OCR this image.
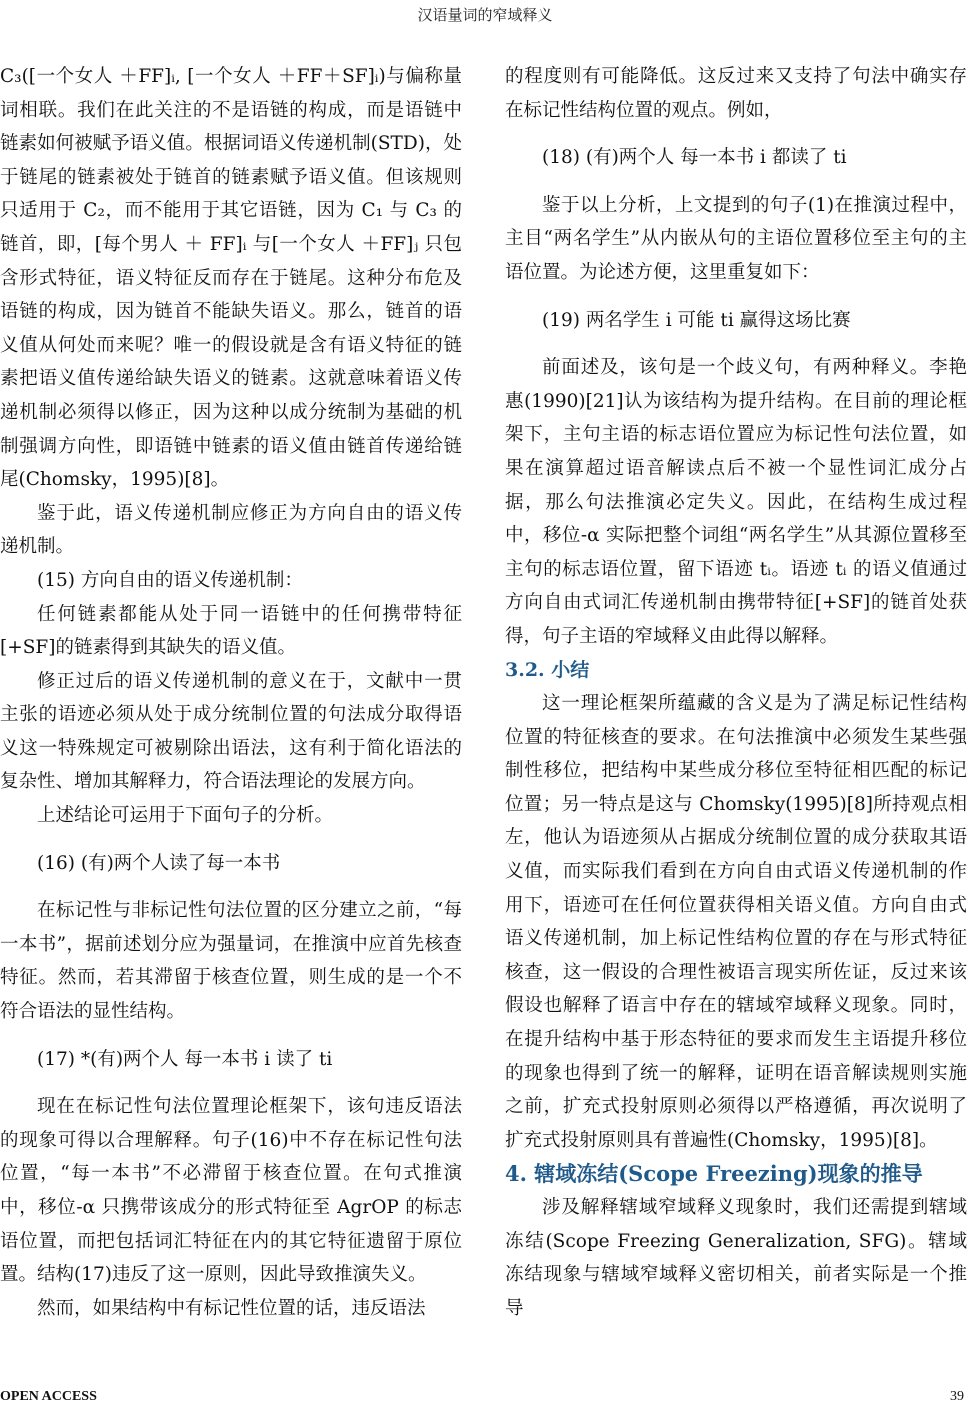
汉语量词的窄域释义

C₃([一个女人 ＋FF]ᵢ, [一个女人 ＋FF＋SF]ᵢ)与偏称量词相联。我们在此关注的不是语链的构成，而是语链中链素如何被赋予语义值。根据词语义传递机制(STD)，处于链尾的链素被处于链首的链素赋予语义值。但该规则只适用于 C₂，而不能用于其它语链，因为 C₁ 与 C₃ 的链首，即，[每个男人 ＋ FF]ᵢ 与[一个女人 ＋FF]ⱼ 只包含形式特征，语义特征反而存在于链尾。这种分布危及语链的构成，因为链首不能缺失语义。那么，链首的语义值从何处而来呢？唯一的假设就是含有语义特征的链素把语义值传递给缺失语义的链素。这就意味着语义传递机制必须得以修正，因为这种以成分统制为基础的机制强调方向性，即语链中链素的语义值由链首传递给链尾(Chomsky，1995)[8]。

鉴于此，语义传递机制应修正为方向自由的语义传递机制。

(15) 方向自由的语义传递机制：

任何链素都能从处于同一语链中的任何携带特征[+SF]的链素得到其缺失的语义值。

修正过后的语义传递机制的意义在于，文献中一贯主张的语迹必须从处于成分统制位置的句法成分取得语义这一特殊规定可被剔除出语法，这有利于简化语法的复杂性、增加其解释力，符合语法理论的发展方向。

上述结论可运用于下面句子的分析。

(16) (有)两个人读了每一本书

在标记性与非标记性句法位置的区分建立之前，“每一本书”，据前述划分应为强量词，在推演中应首先核查特征。然而，若其滞留于核查位置，则生成的是一个不符合语法的显性结构。

(17) *(有)两个人 每一本书 i 读了 ti

现在在标记性句法位置理论框架下，该句违反语法的现象可得以合理解释。句子(16)中不存在标记性句法位置，“每一本书”不必滞留于核查位置。在句式推演中，移位-α 只携带该成分的形式特征至 AgrOP 的标志语位置，而把包括词汇特征在内的其它特征遗留于原位置。结构(17)违反了这一原则，因此导致推演失义。

然而，如果结构中有标记性位置的话，违反语法

的程度则有可能降低。这反过来又支持了句法中确实存在标记性结构位置的观点。例如，

(18) (有)两个人 每一本书 i 都读了 ti

鉴于以上分析，上文提到的句子(1)在推演过程中，主目“两名学生”从内嵌从句的主语位置移位至主句的主语位置。为论述方便，这里重复如下：

(19) 两名学生 i 可能 ti 赢得这场比赛

前面述及，该句是一个歧义句，有两种释义。李艳惠(1990)[21]认为该结构为提升结构。在目前的理论框架下，主句主语的标志语位置应为标记性句法位置，如果在演算超过语音解读点后不被一个显性词汇成分占据，那么句法推演必定失义。因此，在结构生成过程中，移位-α 实际把整个词组“两名学生”从其源位置移至主句的标志语位置，留下语迹 tᵢ。语迹 tᵢ 的语义值通过方向自由式词汇传递机制由携带特征[+SF]的链首处获得，句子主语的窄域释义由此得以解释。

3.2. 小结

这一理论框架所蕴藏的含义是为了满足标记性结构位置的特征核查的要求。在句法推演中必须发生某些强制性移位，把结构中某些成分移位至特征相匹配的标记位置；另一特点是这与 Chomsky(1995)[8]所持观点相左，他认为语迹须从占据成分统制位置的成分获取其语义值，而实际我们看到在方向自由式语义传递机制的作用下，语迹可在任何位置获得相关语义值。方向自由式语义传递机制，加上标记性结构位置的存在与形式特征核查，这一假设的合理性被语言现实所佐证，反过来该假设也解释了语言中存在的辖域窄域释义现象。同时，在提升结构中基于形态特征的要求而发生主语提升移位的现象也得到了统一的解释，证明在语音解读规则实施之前，扩充式投射原则必须得以严格遵循，再次说明了扩充式投射原则具有普遍性(Chomsky，1995)[8]。

4. 辖域冻结(Scope Freezing)现象的推导

涉及解释辖域窄域释义现象时，我们还需提到辖域冻结(Scope Freezing Generalization, SFG)。辖域冻结现象与辖域窄域释义密切相关，前者实际是一个推导

OPEN ACCESS	39
